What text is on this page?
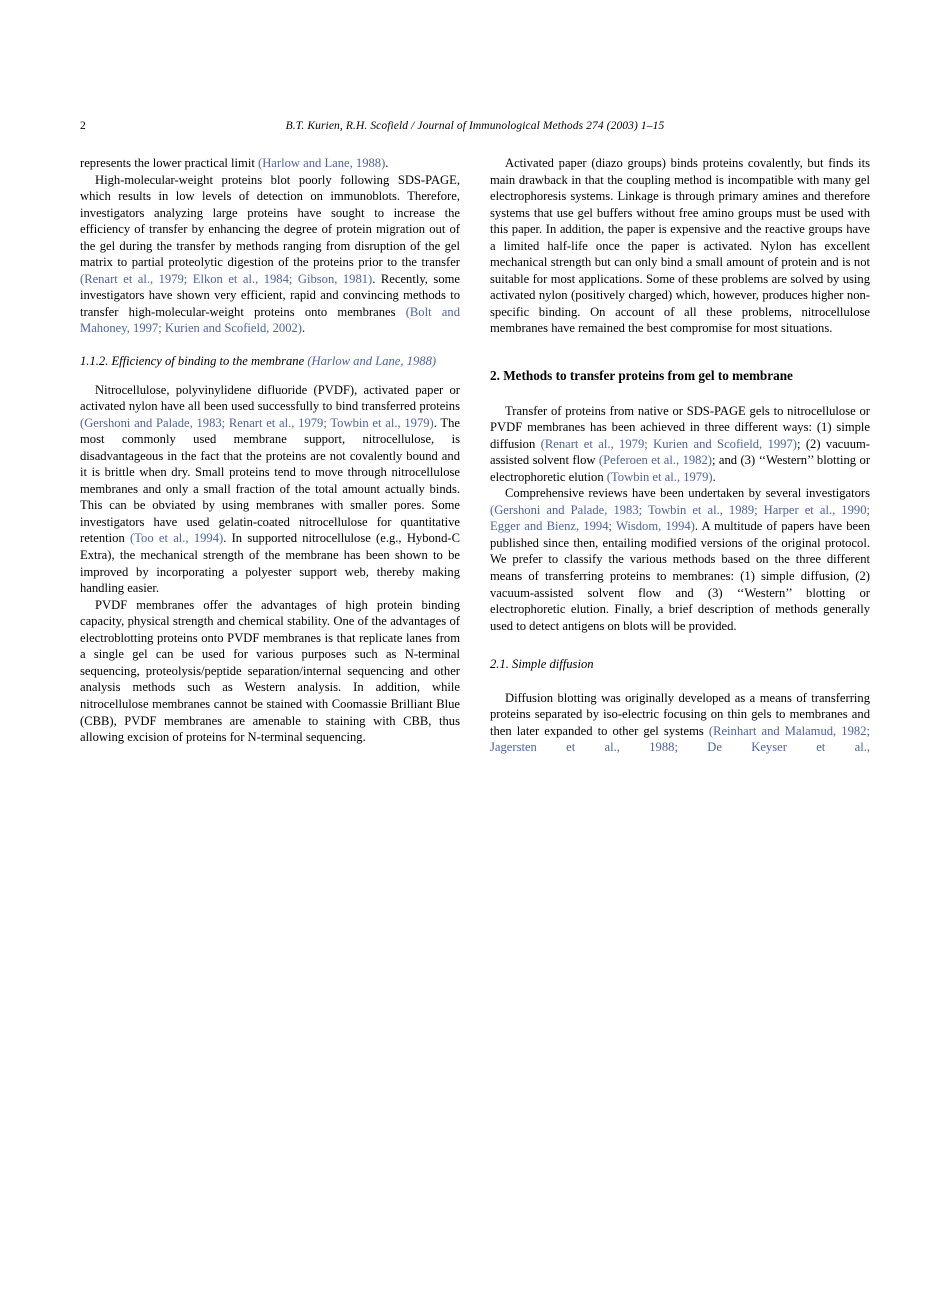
2	B.T. Kurien, R.H. Scofield / Journal of Immunological Methods 274 (2003) 1–15

represents the lower practical limit (Harlow and Lane, 1988).

High-molecular-weight proteins blot poorly following SDS-PAGE, which results in low levels of detection on immunoblots. Therefore, investigators analyzing large proteins have sought to increase the efficiency of transfer by enhancing the degree of protein migration out of the gel during the transfer by methods ranging from disruption of the gel matrix to partial proteolytic digestion of the proteins prior to the transfer (Renart et al., 1979; Elkon et al., 1984; Gibson, 1981). Recently, some investigators have shown very efficient, rapid and convincing methods to transfer high-molecular-weight proteins onto membranes (Bolt and Mahoney, 1997; Kurien and Scofield, 2002).

1.1.2. Efficiency of binding to the membrane (Harlow and Lane, 1988)

Nitrocellulose, polyvinylidene difluoride (PVDF), activated paper or activated nylon have all been used successfully to bind transferred proteins (Gershoni and Palade, 1983; Renart et al., 1979; Towbin et al., 1979). The most commonly used membrane support, nitrocellulose, is disadvantageous in the fact that the proteins are not covalently bound and it is brittle when dry. Small proteins tend to move through nitrocellulose membranes and only a small fraction of the total amount actually binds. This can be obviated by using membranes with smaller pores. Some investigators have used gelatin-coated nitrocellulose for quantitative retention (Too et al., 1994). In supported nitrocellulose (e.g., Hybond-C Extra), the mechanical strength of the membrane has been shown to be improved by incorporating a polyester support web, thereby making handling easier.

PVDF membranes offer the advantages of high protein binding capacity, physical strength and chemical stability. One of the advantages of electroblotting proteins onto PVDF membranes is that replicate lanes from a single gel can be used for various purposes such as N-terminal sequencing, proteolysis/peptide separation/internal sequencing and other analysis methods such as Western analysis. In addition, while nitrocellulose membranes cannot be stained with Coomassie Brilliant Blue (CBB), PVDF membranes are amenable to staining with CBB, thus allowing excision of proteins for N-terminal sequencing.

Activated paper (diazo groups) binds proteins covalently, but finds its main drawback in that the coupling method is incompatible with many gel electrophoresis systems. Linkage is through primary amines and therefore systems that use gel buffers without free amino groups must be used with this paper. In addition, the paper is expensive and the reactive groups have a limited half-life once the paper is activated. Nylon has excellent mechanical strength but can only bind a small amount of protein and is not suitable for most applications. Some of these problems are solved by using activated nylon (positively charged) which, however, produces higher non-specific binding. On account of all these problems, nitrocellulose membranes have remained the best compromise for most situations.

2. Methods to transfer proteins from gel to membrane

Transfer of proteins from native or SDS-PAGE gels to nitrocellulose or PVDF membranes has been achieved in three different ways: (1) simple diffusion (Renart et al., 1979; Kurien and Scofield, 1997); (2) vacuum-assisted solvent flow (Peferoen et al., 1982); and (3) ‘‘Western’’ blotting or electrophoretic elution (Towbin et al., 1979).

Comprehensive reviews have been undertaken by several investigators (Gershoni and Palade, 1983; Towbin et al., 1989; Harper et al., 1990; Egger and Bienz, 1994; Wisdom, 1994). A multitude of papers have been published since then, entailing modified versions of the original protocol. We prefer to classify the various methods based on the three different means of transferring proteins to membranes: (1) simple diffusion, (2) vacuum-assisted solvent flow and (3) ‘‘Western’’ blotting or electrophoretic elution. Finally, a brief description of methods generally used to detect antigens on blots will be provided.

2.1. Simple diffusion

Diffusion blotting was originally developed as a means of transferring proteins separated by iso-electric focusing on thin gels to membranes and then later expanded to other gel systems (Reinhart and Malamud, 1982; Jagersten et al., 1988; De Keyser et al.,
